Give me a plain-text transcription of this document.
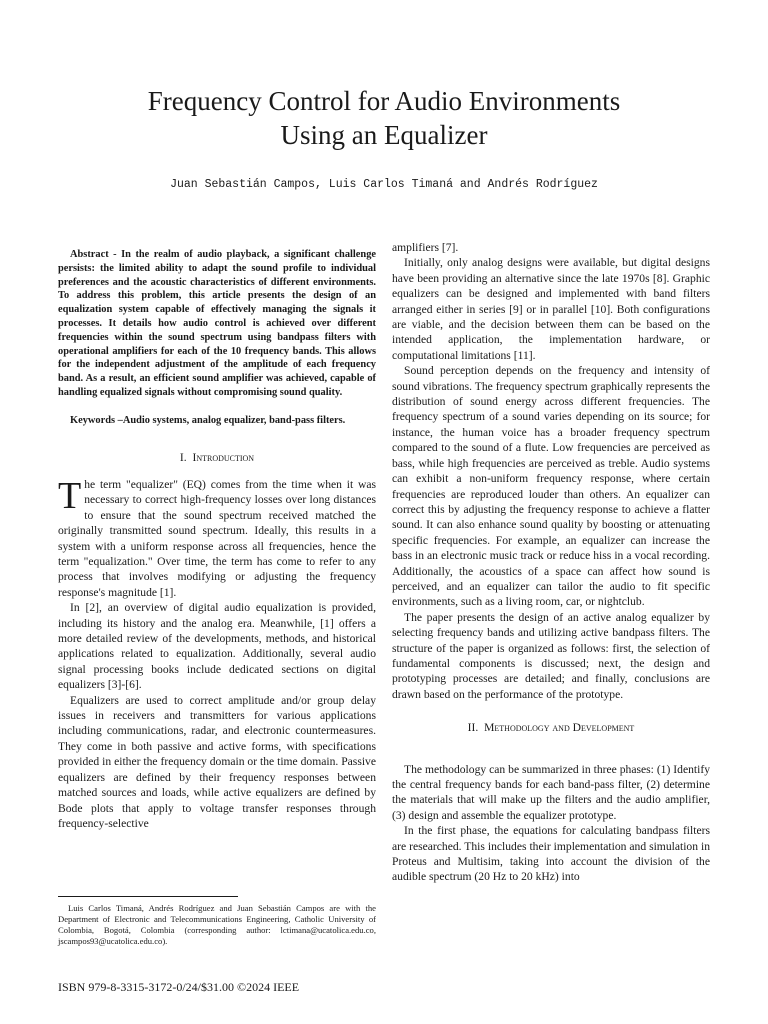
Frequency Control for Audio Environments
Using an Equalizer
Juan Sebastián Campos, Luis Carlos Timaná and Andrés Rodríguez

Abstract - In the realm of audio playback, a significant challenge persists: the limited ability to adapt the sound profile to individual preferences and the acoustic characteristics of different environments. To address this problem, this article presents the design of an equalization system capable of effectively managing the signals it processes. It details how audio control is achieved over different frequencies within the sound spectrum using bandpass filters with operational amplifiers for each of the 10 frequency bands. This allows for the independent adjustment of the amplitude of each frequency band. As a result, an efficient sound amplifier was achieved, capable of handling equalized signals without compromising sound quality.

Keywords –Audio systems, analog equalizer, band-pass filters.

I. Introduction

The term "equalizer" (EQ) comes from the time when it was necessary to correct high-frequency losses over long distances to ensure that the sound spectrum received matched the originally transmitted sound spectrum. Ideally, this results in a system with a uniform response across all frequencies, hence the term "equalization." Over time, the term has come to refer to any process that involves modifying or adjusting the frequency response's magnitude [1].

In [2], an overview of digital audio equalization is provided, including its history and the analog era. Meanwhile, [1] offers a more detailed review of the developments, methods, and historical applications related to equalization. Additionally, several audio signal processing books include dedicated sections on digital equalizers [3]-[6].

Equalizers are used to correct amplitude and/or group delay issues in receivers and transmitters for various applications including communications, radar, and electronic countermeasures. They come in both passive and active forms, with specifications provided in either the frequency domain or the time domain. Passive equalizers are defined by their frequency responses between matched sources and loads, while active equalizers are defined by Bode plots that apply to voltage transfer responses through frequency-selective

amplifiers [7].

Initially, only analog designs were available, but digital designs have been providing an alternative since the late 1970s [8]. Graphic equalizers can be designed and implemented with band filters arranged either in series [9] or in parallel [10]. Both configurations are viable, and the decision between them can be based on the intended application, the implementation hardware, or computational limitations [11].

Sound perception depends on the frequency and intensity of sound vibrations. The frequency spectrum graphically represents the distribution of sound energy across different frequencies. The frequency spectrum of a sound varies depending on its source; for instance, the human voice has a broader frequency spectrum compared to the sound of a flute. Low frequencies are perceived as bass, while high frequencies are perceived as treble. Audio systems can exhibit a non-uniform frequency response, where certain frequencies are reproduced louder than others. An equalizer can correct this by adjusting the frequency response to achieve a flatter sound. It can also enhance sound quality by boosting or attenuating specific frequencies. For example, an equalizer can increase the bass in an electronic music track or reduce hiss in a vocal recording. Additionally, the acoustics of a space can affect how sound is perceived, and an equalizer can tailor the audio to fit specific environments, such as a living room, car, or nightclub.

The paper presents the design of an active analog equalizer by selecting frequency bands and utilizing active bandpass filters. The structure of the paper is organized as follows: first, the selection of fundamental components is discussed; next, the design and prototyping processes are detailed; and finally, conclusions are drawn based on the performance of the prototype.

II. Methodology and Development

The methodology can be summarized in three phases: (1) Identify the central frequency bands for each band-pass filter, (2) determine the materials that will make up the filters and the audio amplifier, (3) design and assemble the equalizer prototype.

In the first phase, the equations for calculating bandpass filters are researched. This includes their implementation and simulation in Proteus and Multisim, taking into account the division of the audible spectrum (20 Hz to 20 kHz) into

Luis Carlos Timaná, Andrés Rodríguez and Juan Sebastián Campos are with the Department of Electronic and Telecommunications Engineering, Catholic University of Colombia, Bogotá, Colombia (corresponding author: lctimana@ucatolica.edu.co, jscampos93@ucatolica.edu.co).

ISBN 979-8-3315-3172-0/24/$31.00 ©2024 IEEE
